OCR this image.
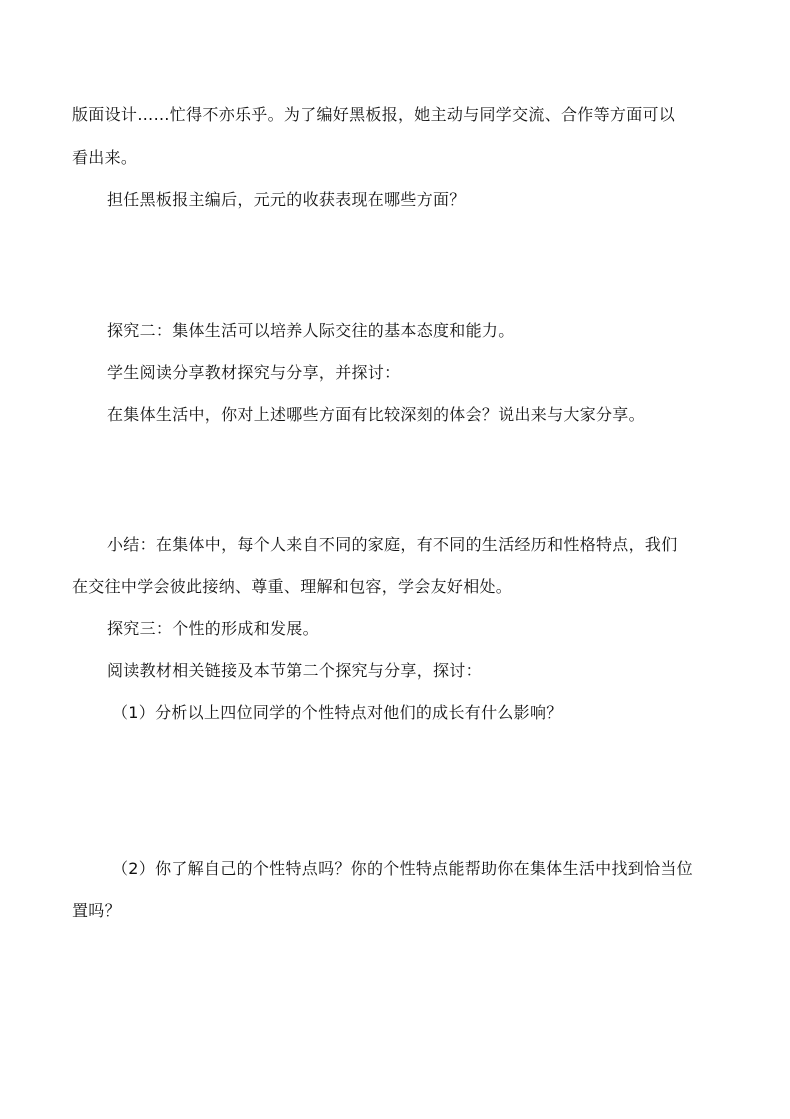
版面设计……忙得不亦乐乎。为了编好黑板报，她主动与同学交流、合作等方面可以
看出来。
担任黑板报主编后，元元的收获表现在哪些方面？
探究二：集体生活可以培养人际交往的基本态度和能力。
学生阅读分享教材探究与分享，并探讨：
在集体生活中，你对上述哪些方面有比较深刻的体会？说出来与大家分享。
小结：在集体中，每个人来自不同的家庭，有不同的生活经历和性格特点，我们
在交往中学会彼此接纳、尊重、理解和包容，学会友好相处。
探究三：个性的形成和发展。
阅读教材相关链接及本节第二个探究与分享，探讨：
（1）分析以上四位同学的个性特点对他们的成长有什么影响？
（2）你了解自己的个性特点吗？你的个性特点能帮助你在集体生活中找到恰当位
置吗？
